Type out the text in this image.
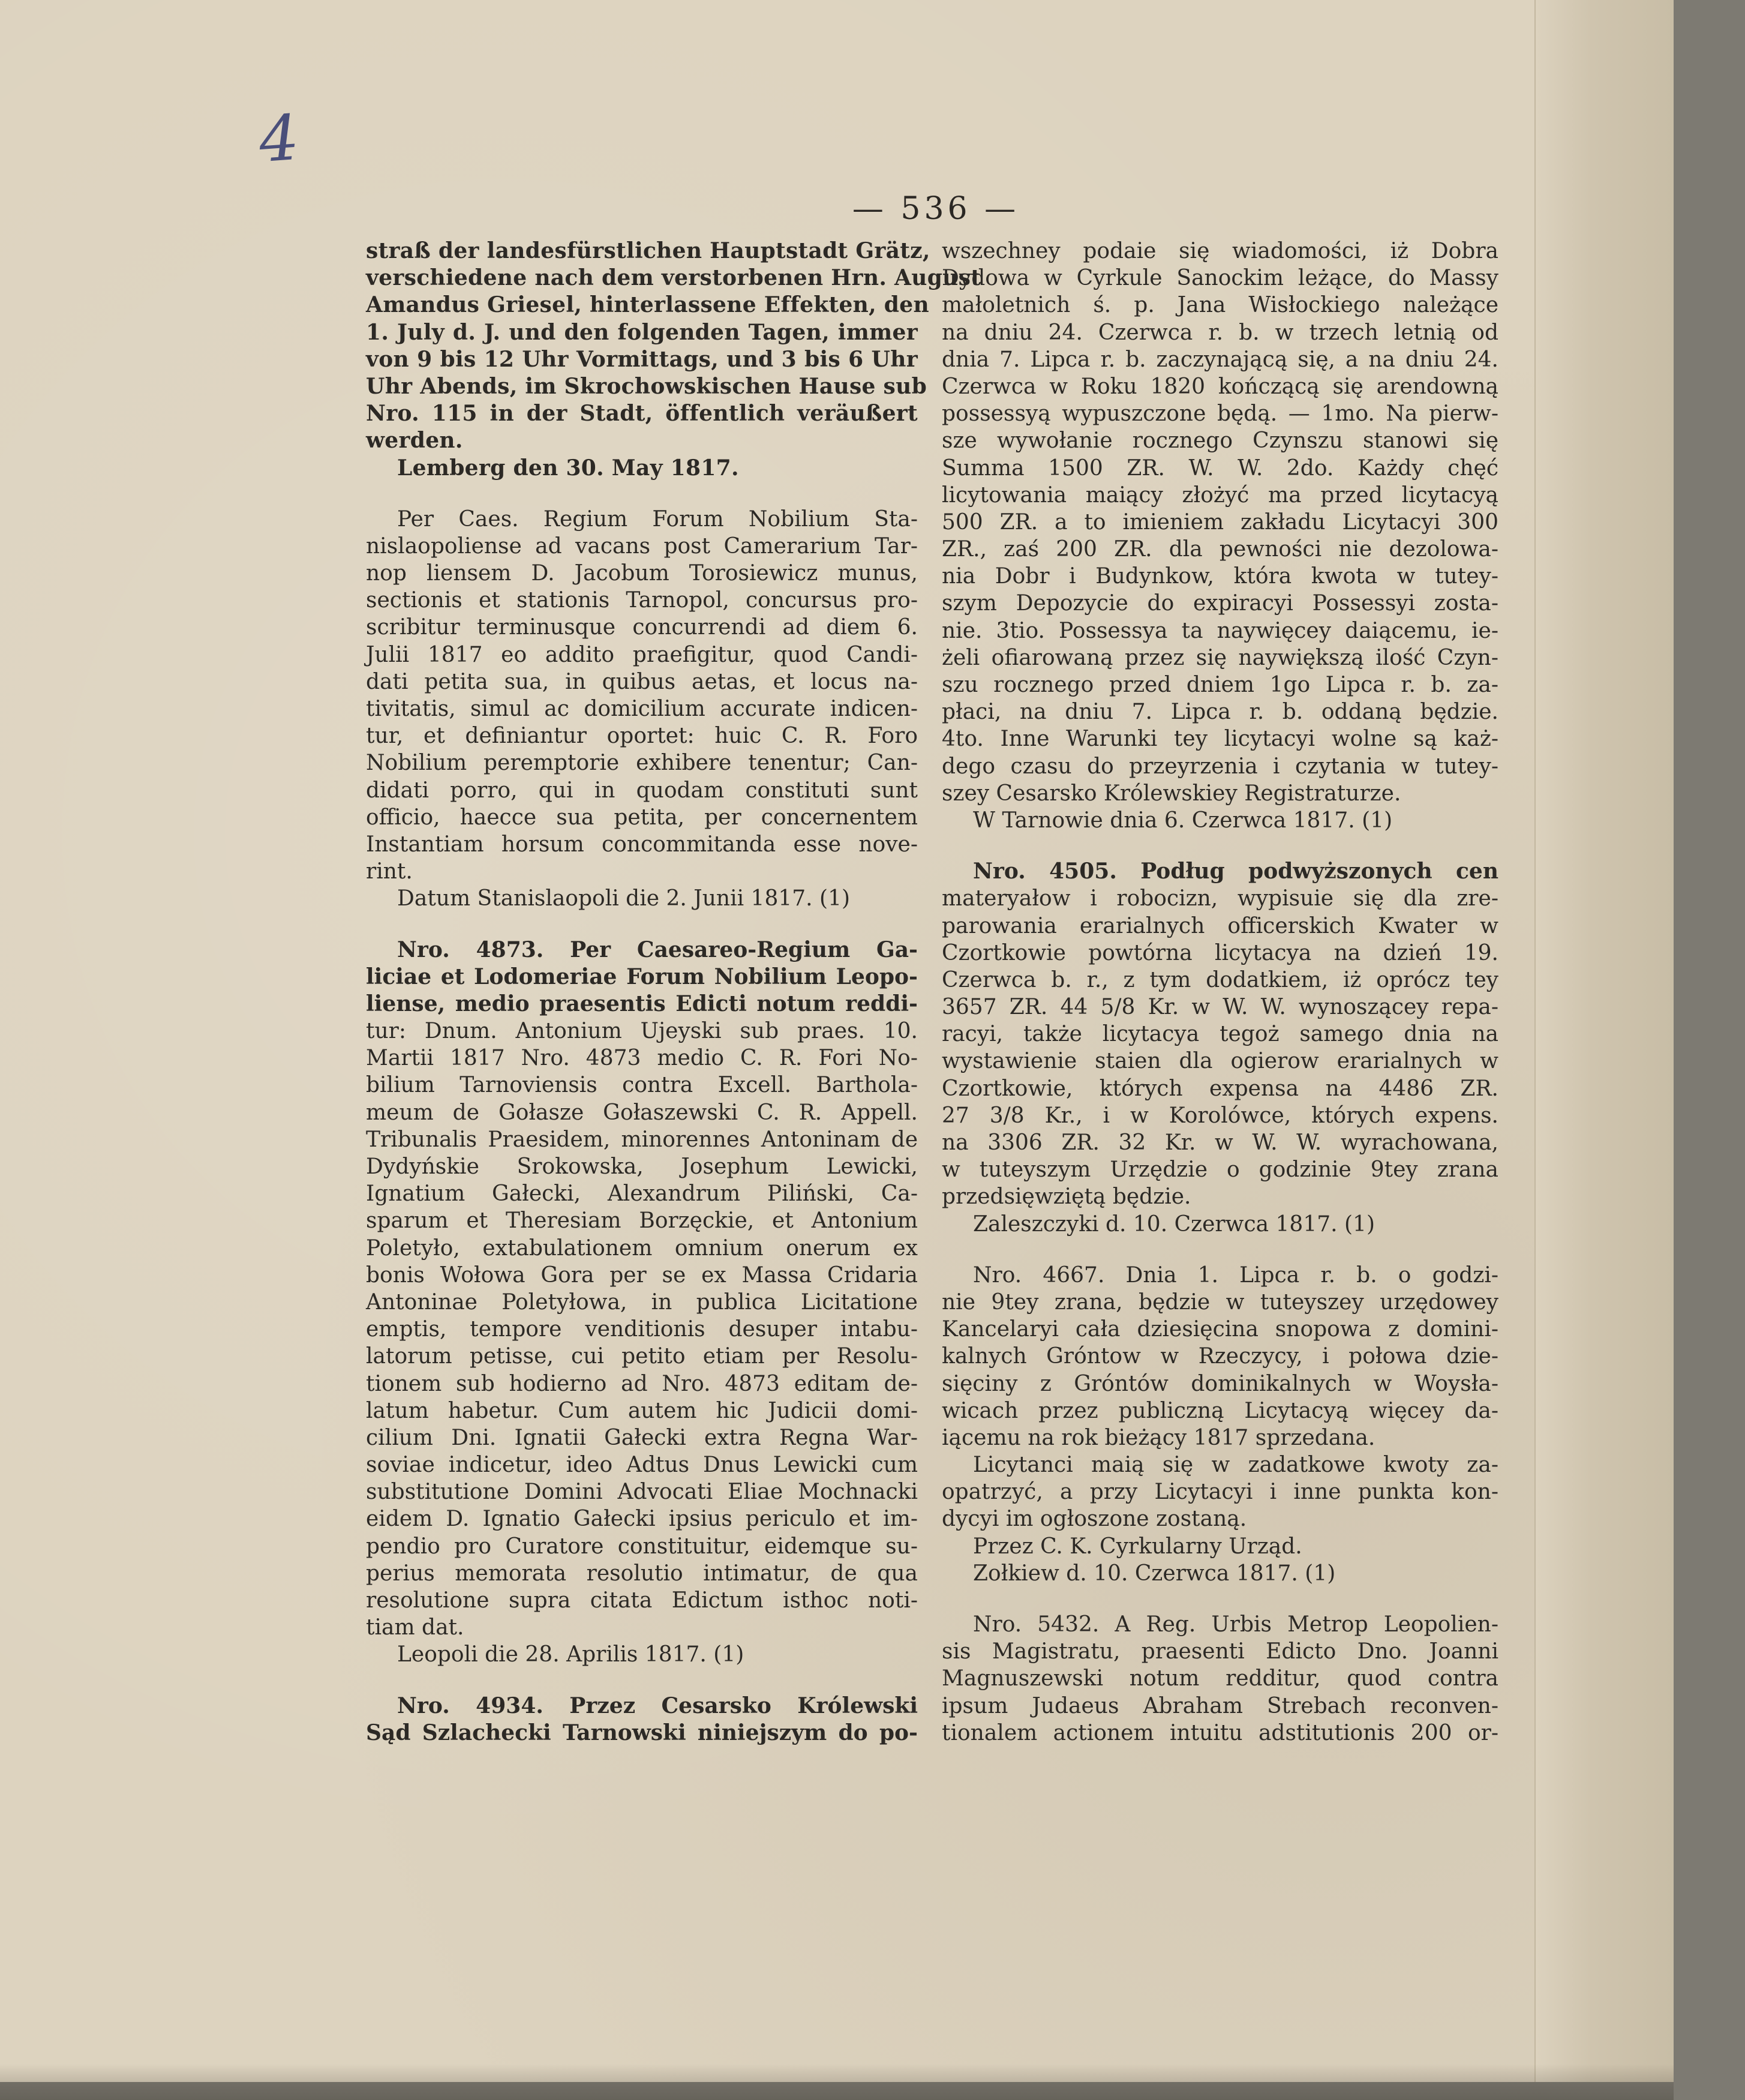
4
— 536 —
straß der landesfürstlichen Hauptstadt Grätz,
verschiedene nach dem verstorbenen Hrn. August
Amandus Griesel, hinterlassene Effekten, den
1. July d. J. und den folgenden Tagen, immer
von 9 bis 12 Uhr Vormittags, und 3 bis 6 Uhr
Uhr Abends, im Skrochowskischen Hause sub
Nro. 115 in der Stadt, öffentlich veräußert
werden.
Lemberg den 30. May 1817.
Per Caes. Regium Forum Nobilium Sta-
nislaopoliense ad vacans post Camerarium Tar-
nop liensem D. Jacobum Torosiewicz munus,
sectionis et stationis Tarnopol, concursus pro-
scribitur terminusque concurrendi ad diem 6.
Julii 1817 eo addito praefigitur, quod Candi-
dati petita sua, in quibus aetas, et locus na-
tivitatis, simul ac domicilium accurate indicen-
tur, et definiantur oportet: huic C. R. Foro
Nobilium peremptorie exhibere tenentur; Can-
didati porro, qui in quodam constituti sunt
officio, haecce sua petita, per concernentem
Instantiam horsum concommitanda esse nove-
rint.
Datum Stanislaopoli die 2. Junii 1817. (1)
Nro. 4873. Per Caesareo-Regium Ga-
liciae et Lodomeriae Forum Nobilium Leopo-
liense, medio praesentis Edicti notum reddi-
tur: Dnum. Antonium Ujeyski sub praes. 10.
Martii 1817 Nro. 4873 medio C. R. Fori No-
bilium Tarnoviensis contra Excell. Barthola-
meum de Gołasze Gołaszewski C. R. Appell.
Tribunalis Praesidem, minorennes Antoninam de
Dydyńskie Srokowska, Josephum Lewicki,
Ignatium Gałecki, Alexandrum Piliński, Ca-
sparum et Theresiam Borzęckie, et Antonium
Poletyło, extabulationem omnium onerum ex
bonis Wołowa Gora per se ex Massa Cridaria
Antoninae Poletyłowa, in publica Licitatione
emptis, tempore venditionis desuper intabu-
latorum petisse, cui petito etiam per Resolu-
tionem sub hodierno ad Nro. 4873 editam de-
latum habetur. Cum autem hic Judicii domi-
cilium Dni. Ignatii Gałecki extra Regna War-
soviae indicetur, ideo Adtus Dnus Lewicki cum
substitutione Domini Advocati Eliae Mochnacki
eidem D. Ignatio Gałecki ipsius periculo et im-
pendio pro Curatore constituitur, eidemque su-
perius memorata resolutio intimatur, de qua
resolutione supra citata Edictum isthoc noti-
tiam dat.
Leopoli die 28. Aprilis 1817. (1)
Nro. 4934. Przez Cesarsko Królewski
Sąd Szlachecki Tarnowski niniejszym do po-
wszechney podaie się wiadomości, iż Dobra
Dydowa w Cyrkule Sanockim leżące, do Massy
małoletnich ś. p. Jana Wisłockiego należące
na dniu 24. Czerwca r. b. w trzech letnią od
dnia 7. Lipca r. b. zaczynającą się, a na dniu 24.
Czerwca w Roku 1820 kończącą się arendowną
possessyą wypuszczone będą. — 1mo. Na pierw-
sze wywołanie rocznego Czynszu stanowi się
Summa 1500 ZR. W. W. 2do. Każdy chęć
licytowania maiący złożyć ma przed licytacyą
500 ZR. a to imieniem zakładu Licytacyi 300
ZR., zaś 200 ZR. dla pewności nie dezolowa-
nia Dobr i Budynkow, która kwota w tutey-
szym Depozycie do expiracyi Possessyi zosta-
nie. 3tio. Possessya ta naywięcey daiącemu, ie-
żeli ofiarowaną przez się naywiększą ilość Czyn-
szu rocznego przed dniem 1go Lipca r. b. za-
płaci, na dniu 7. Lipca r. b. oddaną będzie.
4to. Inne Warunki tey licytacyi wolne są każ-
dego czasu do przeyrzenia i czytania w tutey-
szey Cesarsko Królewskiey Registraturze.
W Tarnowie dnia 6. Czerwca 1817. (1)
Nro. 4505. Podług podwyższonych cen
materyałow i robocizn, wypisuie się dla zre-
parowania erarialnych officerskich Kwater w
Czortkowie powtórna licytacya na dzień 19.
Czerwca b. r., z tym dodatkiem, iż oprócz tey
3657 ZR. 44 5/8 Kr. w W. W. wynoszącey repa-
racyi, także licytacya tegoż samego dnia na
wystawienie staien dla ogierow erarialnych w
Czortkowie, których expensa na 4486 ZR.
27 3/8 Kr., i w Korolówce, których expens.
na 3306 ZR. 32 Kr. w W. W. wyrachowana,
w tuteyszym Urzędzie o godzinie 9tey zrana
przedsięwziętą będzie.
Zaleszczyki d. 10. Czerwca 1817. (1)
Nro. 4667. Dnia 1. Lipca r. b. o godzi-
nie 9tey zrana, będzie w tuteyszey urzędowey
Kancelaryi cała dziesięcina snopowa z domini-
kalnych Gróntow w Rzeczycy, i połowa dzie-
sięciny z Gróntów dominikalnych w Woysła-
wicach przez publiczną Licytacyą więcey da-
iącemu na rok bieżący 1817 sprzedana.
Licytanci maią się w zadatkowe kwoty za-
opatrzyć, a przy Licytacyi i inne punkta kon-
dycyi im ogłoszone zostaną.
Przez C. K. Cyrkularny Urząd.
Zołkiew d. 10. Czerwca 1817. (1)
Nro. 5432. A Reg. Urbis Metrop Leopolien-
sis Magistratu, praesenti Edicto Dno. Joanni
Magnuszewski notum redditur, quod contra
ipsum Judaeus Abraham Strebach reconven-
tionalem actionem intuitu adstitutionis 200 or-
